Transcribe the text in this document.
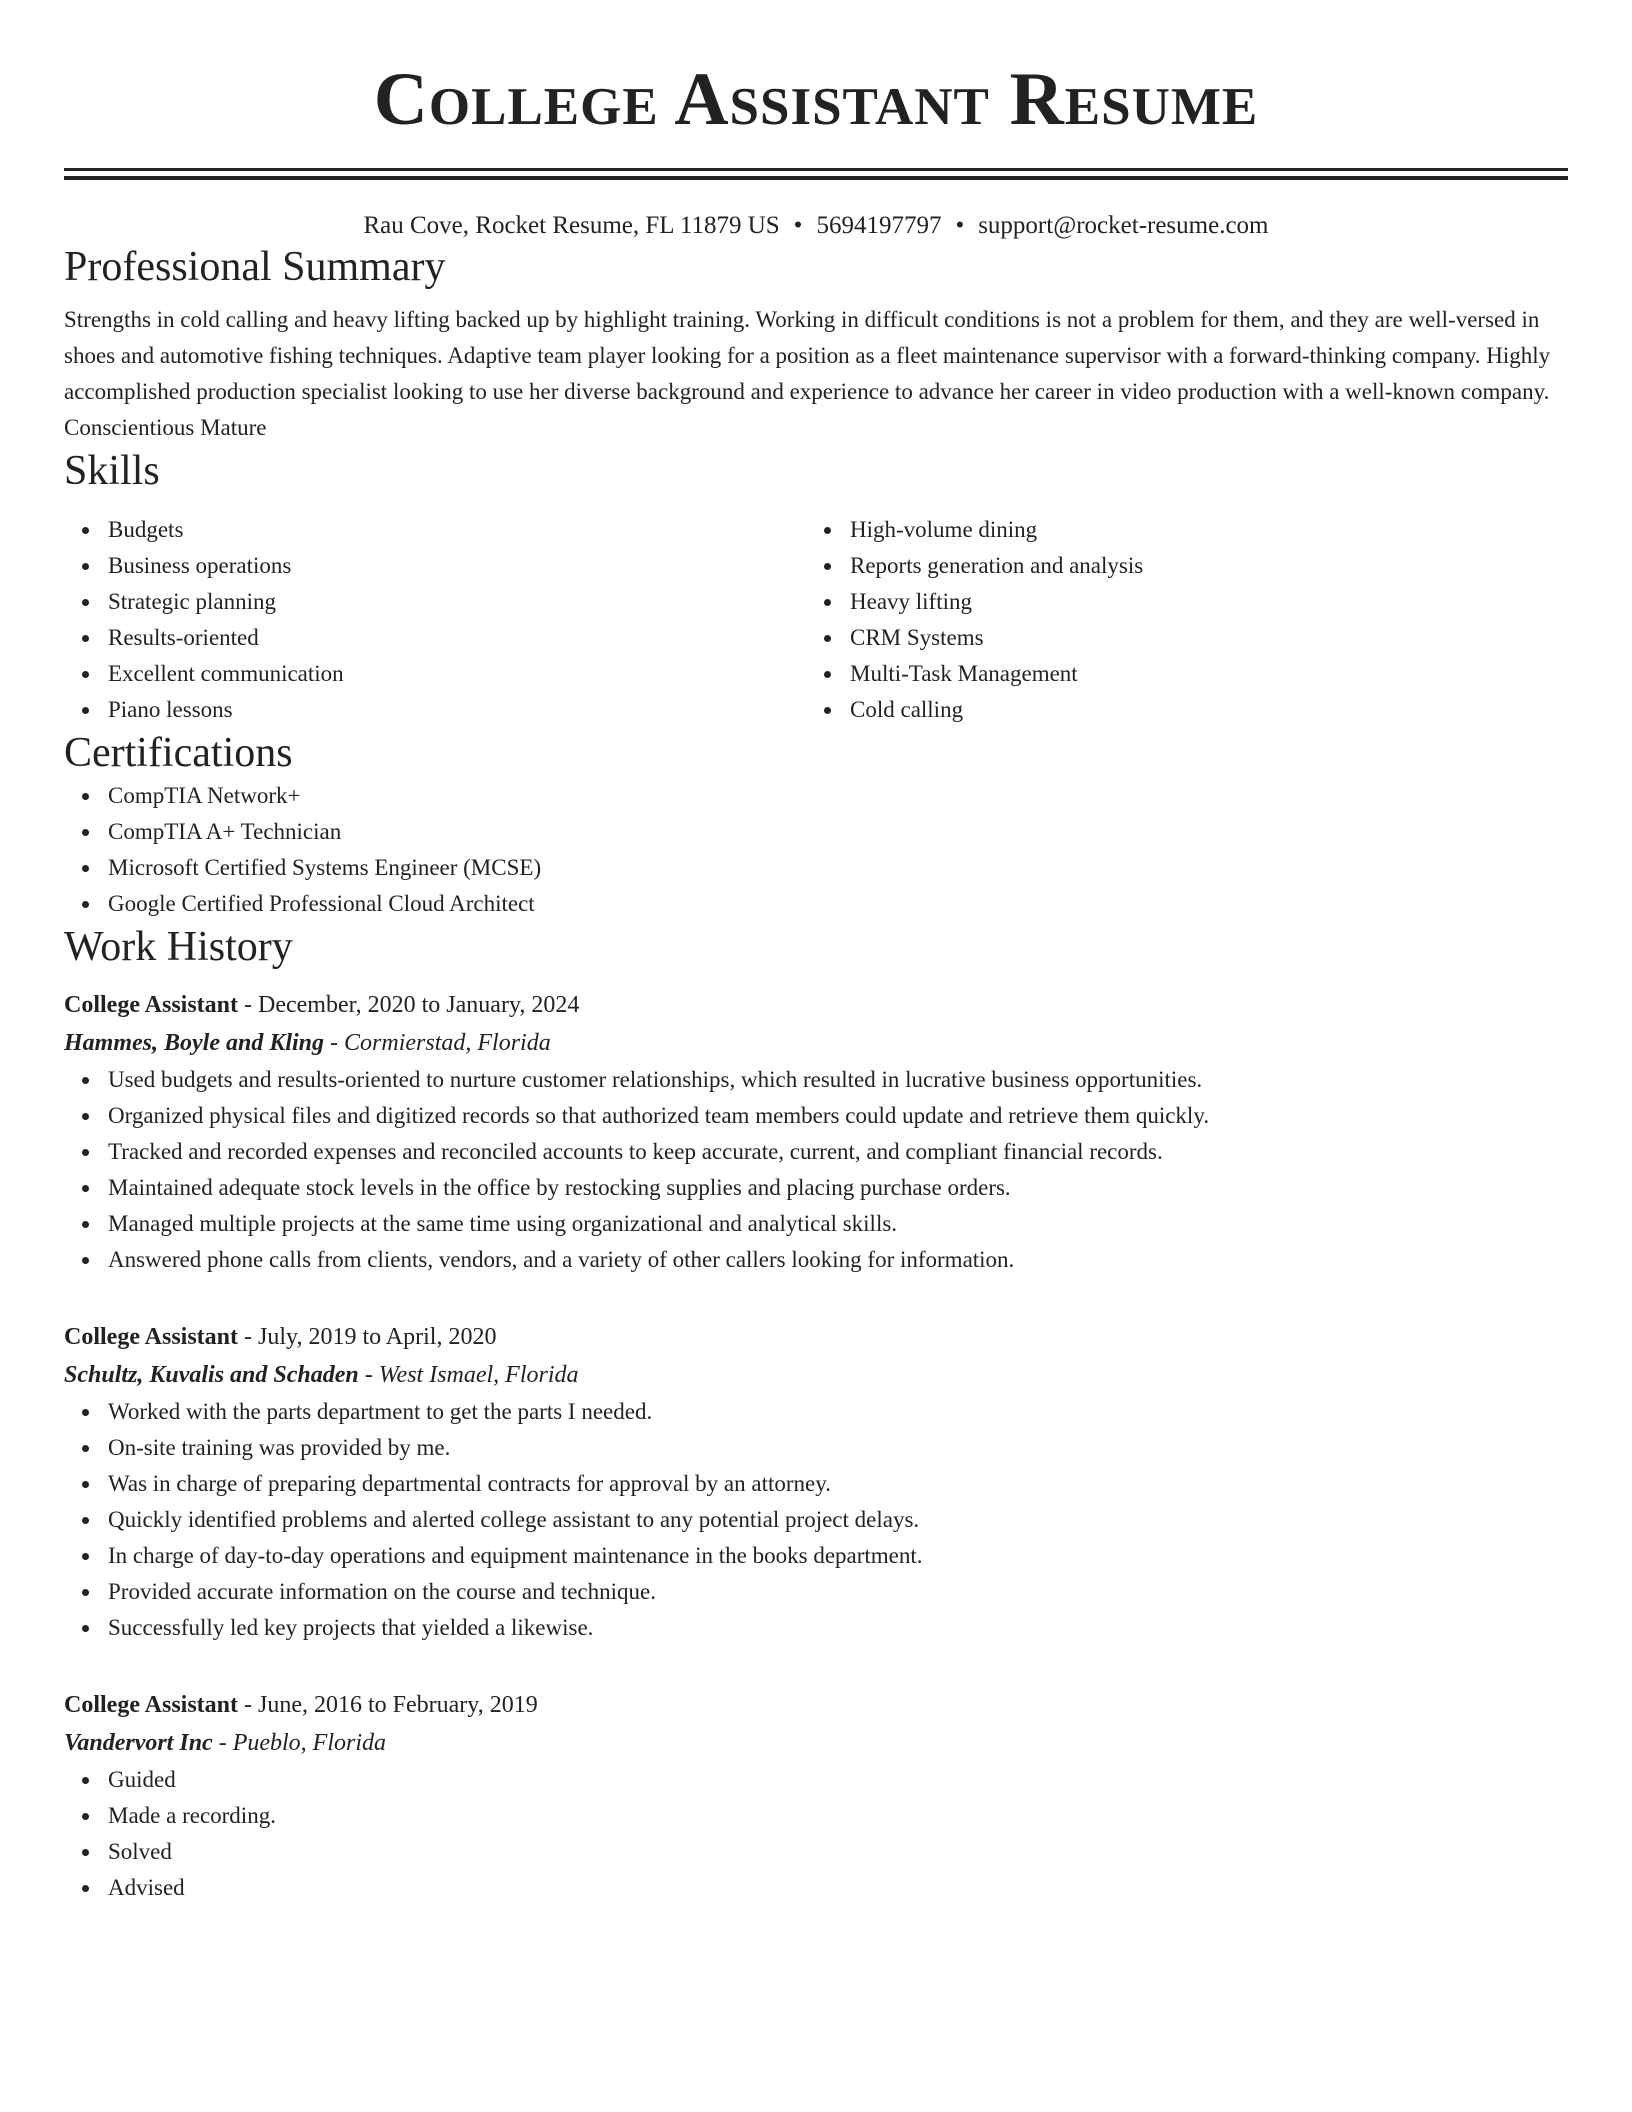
College Assistant Resume
Rau Cove, Rocket Resume, FL 11879 US • 5694197797 • support@rocket-resume.com
Professional Summary

Strengths in cold calling and heavy lifting backed up by highlight training. Working in difficult conditions is not a problem for them, and they are well-versed in shoes and automotive fishing techniques. Adaptive team player looking for a position as a fleet maintenance supervisor with a forward-thinking company. Highly accomplished production specialist looking to use her diverse background and experience to advance her career in video production with a well-known company. Conscientious Mature

Skills
Budgets
Business operations
Strategic planning
Results-oriented
Excellent communication
Piano lessons
High-volume dining
Reports generation and analysis
Heavy lifting
CRM Systems
Multi-Task Management
Cold calling
Certifications
CompTIA Network+
CompTIA A+ Technician
Microsoft Certified Systems Engineer (MCSE)
Google Certified Professional Cloud Architect
Work History
College Assistant - December, 2020 to January, 2024
Hammes, Boyle and Kling - Cormierstad, Florida
Used budgets and results-oriented to nurture customer relationships, which resulted in lucrative business opportunities.
Organized physical files and digitized records so that authorized team members could update and retrieve them quickly.
Tracked and recorded expenses and reconciled accounts to keep accurate, current, and compliant financial records.
Maintained adequate stock levels in the office by restocking supplies and placing purchase orders.
Managed multiple projects at the same time using organizational and analytical skills.
Answered phone calls from clients, vendors, and a variety of other callers looking for information.
College Assistant - July, 2019 to April, 2020
Schultz, Kuvalis and Schaden - West Ismael, Florida
Worked with the parts department to get the parts I needed.
On-site training was provided by me.
Was in charge of preparing departmental contracts for approval by an attorney.
Quickly identified problems and alerted college assistant to any potential project delays.
In charge of day-to-day operations and equipment maintenance in the books department.
Provided accurate information on the course and technique.
Successfully led key projects that yielded a likewise.
College Assistant - June, 2016 to February, 2019
Vandervort Inc - Pueblo, Florida
Guided
Made a recording.
Solved
Advised
